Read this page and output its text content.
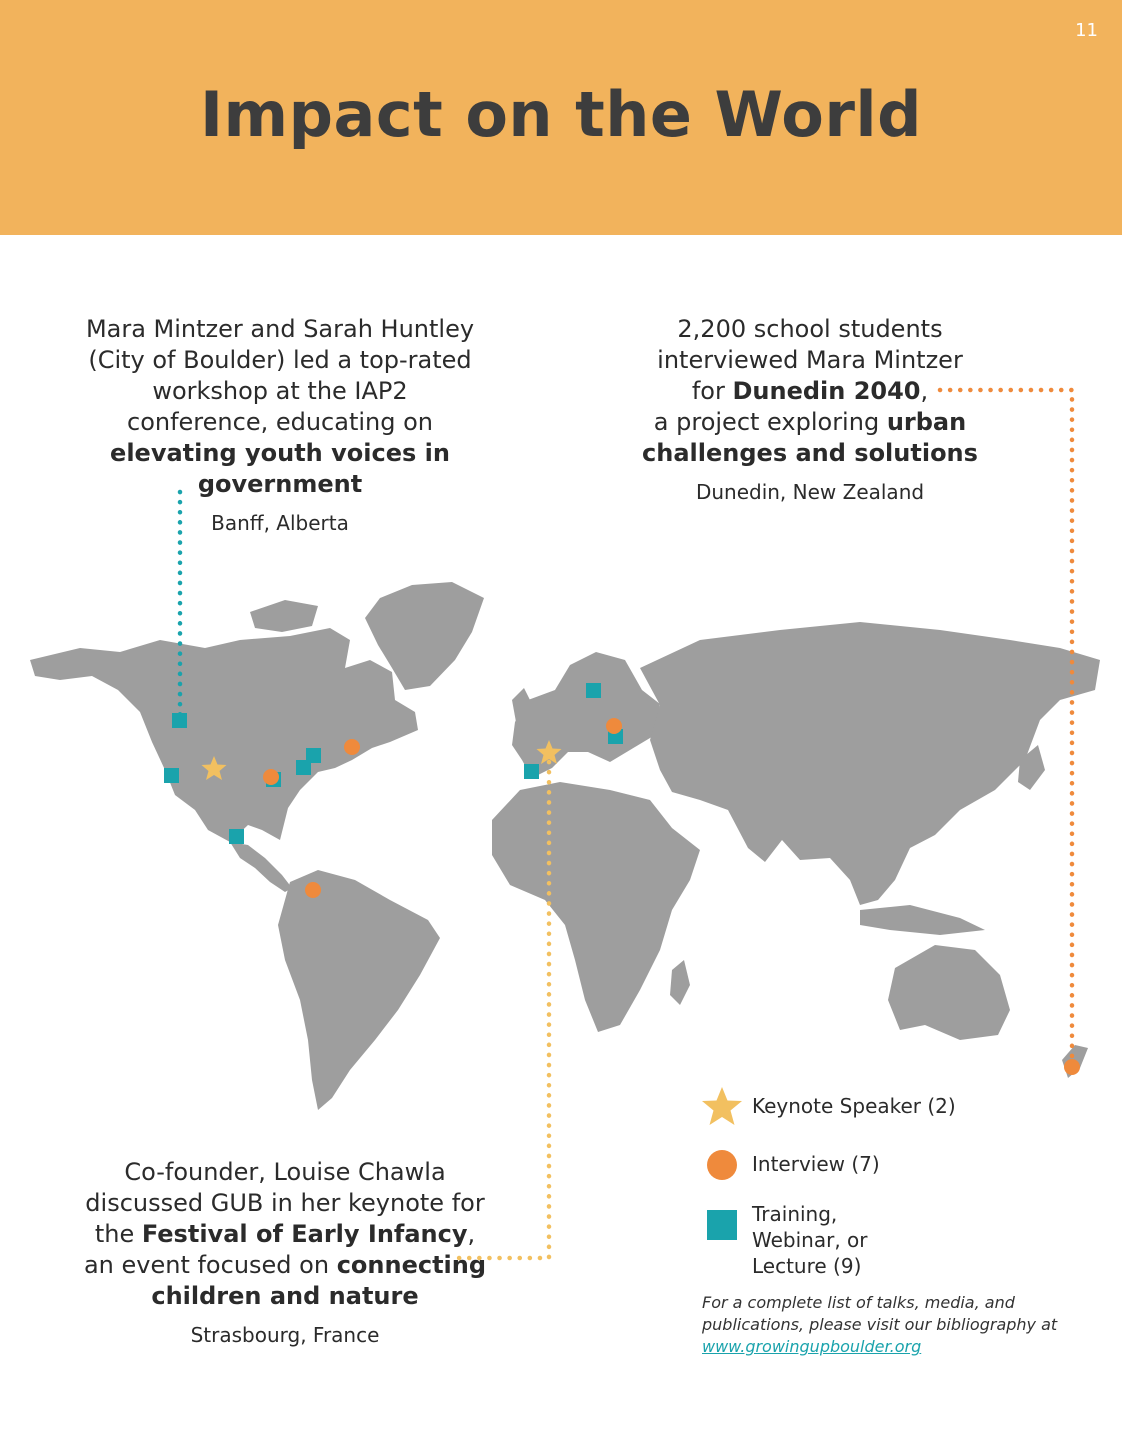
11
Impact on the World

Mara Mintzer and Sarah Huntley

(City of Boulder) led a top-rated

workshop at the IAP2

conference, educating on

elevating youth voices in

government

Banff, Alberta

2,200 school students

interviewed Mara Mintzer

for Dunedin 2040,

a project exploring urban

challenges and solutions

Dunedin, New Zealand

Co-founder, Louise Chawla

discussed GUB in her keynote for

the Festival of Early Infancy,

an event focused on connecting

children and nature

Strasbourg, France

Keynote Speaker (2)
Interview (7)
Training, Webinar, or Lecture (9)
For a complete list of talks, media, and publications, please visit our bibliography at www.growingupboulder.org
